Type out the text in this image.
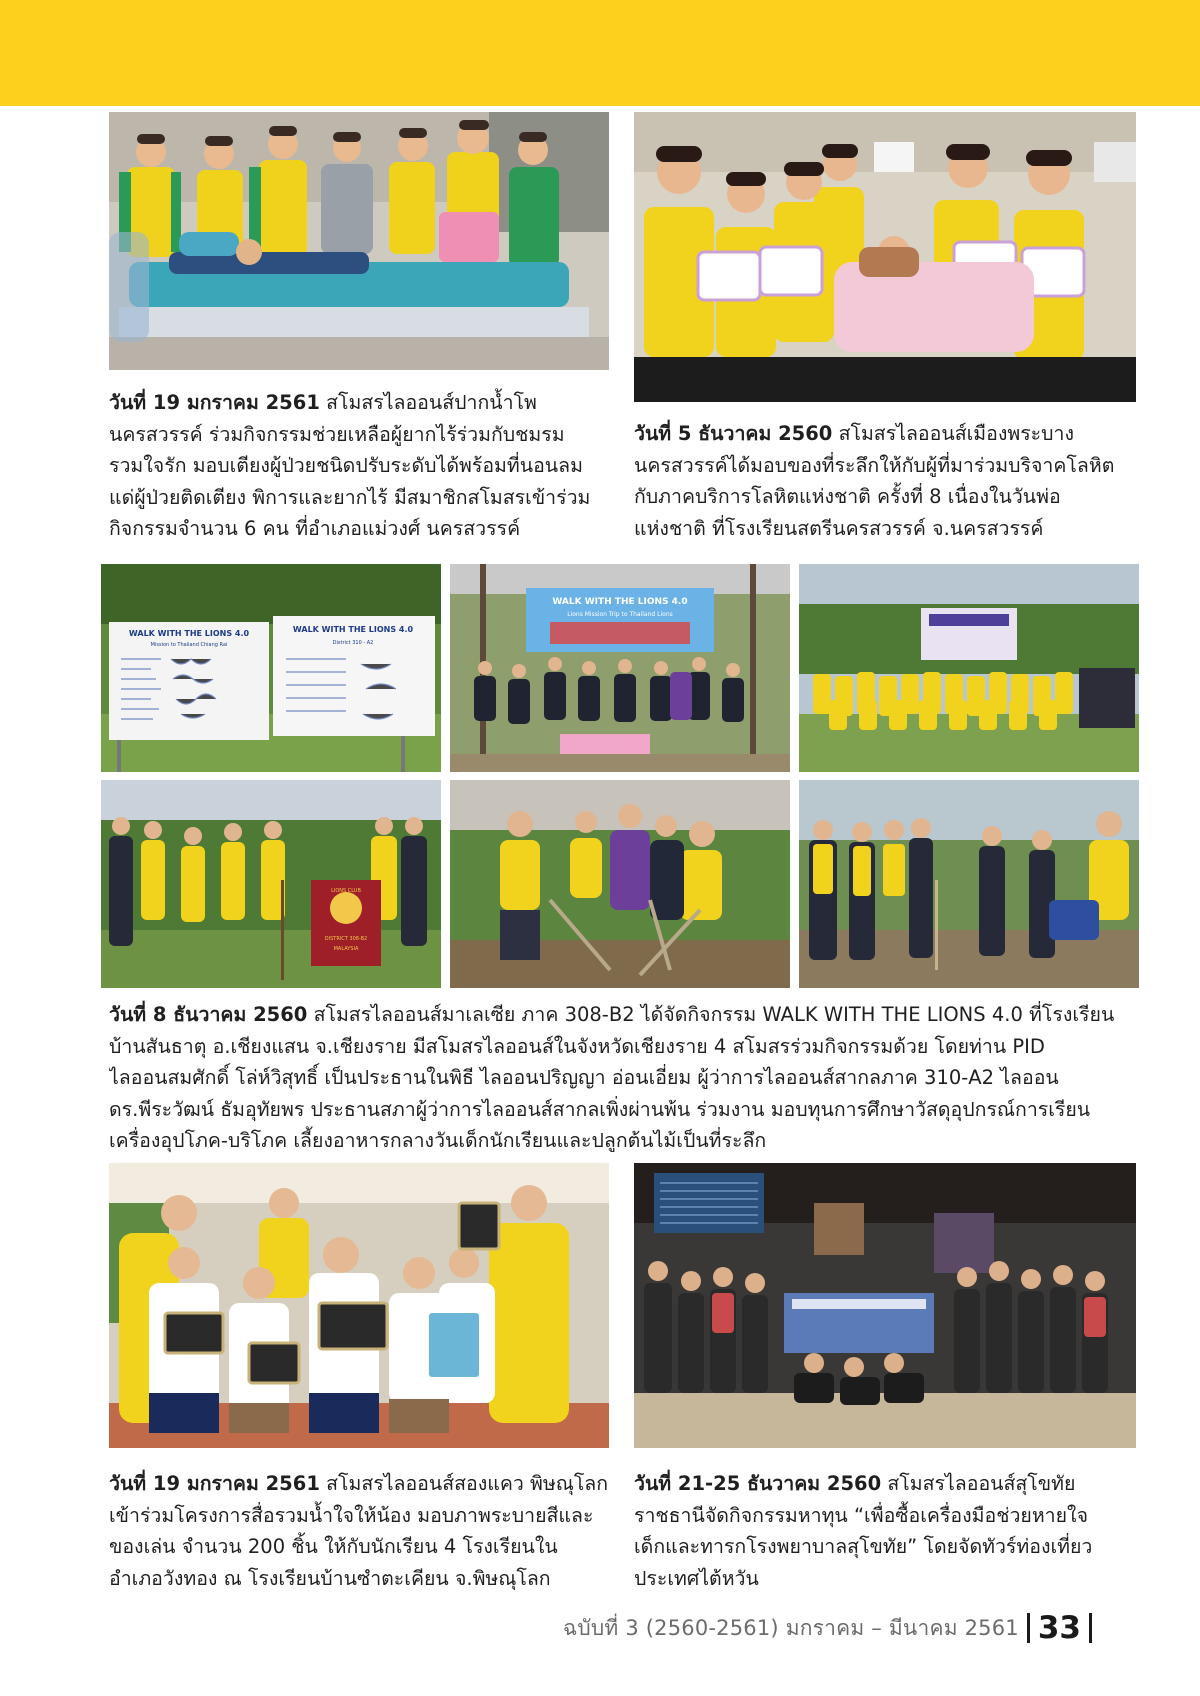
วันที่ 19 มกราคม 2561 สโมสรไลออนส์ปากน้ำโพ
นครสวรรค์ ร่วมกิจกรรมช่วยเหลือผู้ยากไร้ร่วมกับชมรม
รวมใจรัก มอบเตียงผู้ป่วยชนิดปรับระดับได้พร้อมที่นอนลม
แด่ผู้ป่วยติดเตียง พิการและยากไร้ มีสมาชิกสโมสรเข้าร่วม
กิจกรรมจำนวน 6 คน ที่อำเภอแม่วงศ์ นครสวรรค์
วันที่ 5 ธันวาคม 2560 สโมสรไลออนส์เมืองพระบาง
นครสวรรค์ได้มอบของที่ระลึกให้กับผู้ที่มาร่วมบริจาคโลหิต
กับภาคบริการโลหิตแห่งชาติ ครั้งที่ 8 เนื่องในวันพ่อ
แห่งชาติ ที่โรงเรียนสตรีนครสวรรค์ จ.นครสวรรค์
WALK WITH THE LIONS 4.0
Mission to Thailand Chiang Rai
WALK WITH THE LIONS 4.0
District 310 - A2
WALK WITH THE LIONS 4.0
Lions Mission Trip to Thailand Lions
LIONS CLUB
DISTRICT 308-B2
MALAYSIA
วันที่ 8 ธันวาคม 2560 สโมสรไลออนส์มาเลเซีย ภาค 308-B2 ได้จัดกิจกรรม WALK WITH THE LIONS 4.0 ที่โรงเรียน
บ้านสันธาตุ อ.เชียงแสน จ.เชียงราย มีสโมสรไลออนส์ในจังหวัดเชียงราย 4 สโมสรร่วมกิจกรรมด้วย โดยท่าน PID
ไลออนสมศักดิ์ โล่ห์วิสุทธิ์ เป็นประธานในพิธี ไลออนปริญญา อ่อนเอี่ยม ผู้ว่าการไลออนส์สากลภาค 310-A2 ไลออน
ดร.พีระวัฒน์ ธัมอุทัยพร ประธานสภาผู้ว่าการไลออนส์สากลเพิ่งผ่านพ้น ร่วมงาน มอบทุนการศึกษาวัสดุอุปกรณ์การเรียน
เครื่องอุปโภค-บริโภค เลี้ยงอาหารกลางวันเด็กนักเรียนและปลูกต้นไม้เป็นที่ระลึก
วันที่ 19 มกราคม 2561 สโมสรไลออนส์สองแคว พิษณุโลก
เข้าร่วมโครงการสื่อรวมน้ำใจให้น้อง มอบภาพระบายสีและ
ของเล่น จำนวน 200 ชิ้น ให้กับนักเรียน 4 โรงเรียนใน
อำเภอวังทอง ณ โรงเรียนบ้านซำตะเคียน จ.พิษณุโลก
วันที่ 21-25 ธันวาคม 2560 สโมสรไลออนส์สุโขทัย
ราชธานีจัดกิจกรรมหาทุน “เพื่อซื้อเครื่องมือช่วยหายใจ
เด็กและทารกโรงพยาบาลสุโขทัย” โดยจัดทัวร์ท่องเที่ยว
ประเทศไต้หวัน
ฉบับที่ 3 (2560-2561) มกราคม – มีนาคม 2561 33
